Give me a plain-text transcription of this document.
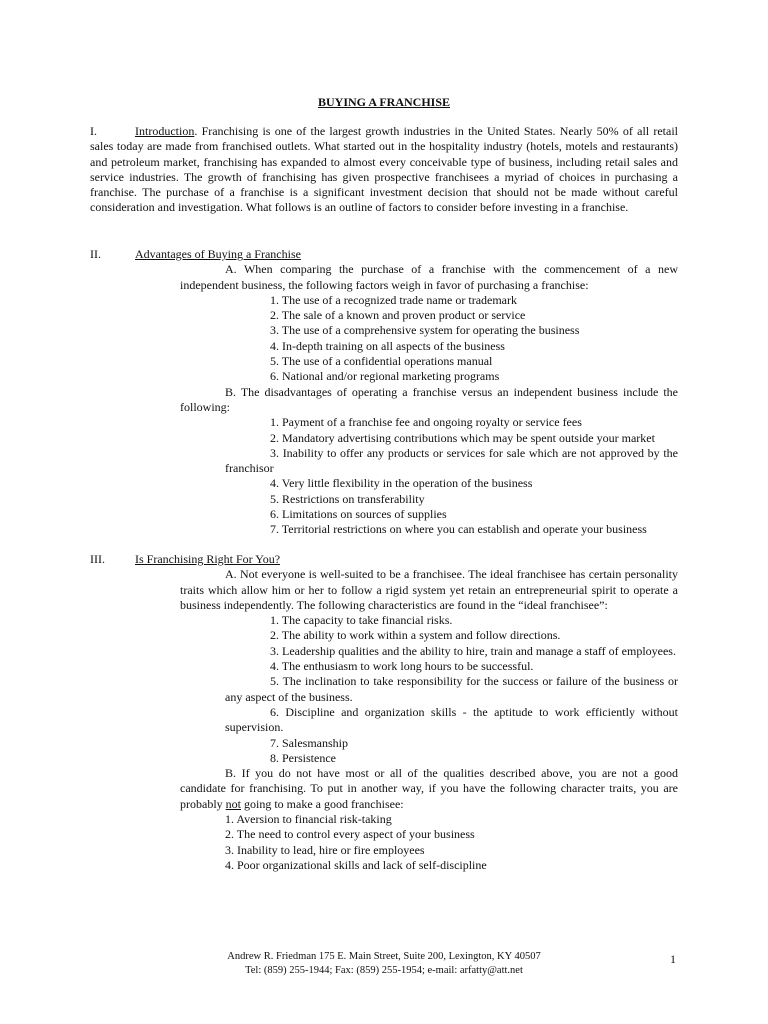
BUYING A FRANCHISE
I.	Introduction. Franchising is one of the largest growth industries in the United States. Nearly 50% of all retail sales today are made from franchised outlets. What started out in the hospitality industry (hotels, motels and restaurants) and petroleum market, franchising has expanded to almost every conceivable type of business, including retail sales and service industries. The growth of franchising has given prospective franchisees a myriad of choices in purchasing a franchise. The purchase of a franchise is a significant investment decision that should not be made without careful consideration and investigation. What follows is an outline of factors to consider before investing in a franchise.

II.	Advantages of Buying a Franchise

A. When comparing the purchase of a franchise with the commencement of a new independent business, the following factors weigh in favor of purchasing a franchise:

1. The use of a recognized trade name or trademark

2. The sale of a known and proven product or service

3. The use of a comprehensive system for operating the business

4. In-depth training on all aspects of the business

5. The use of a confidential operations manual

6. National and/or regional marketing programs

B. The disadvantages of operating a franchise versus an independent business include the following:

1. Payment of a franchise fee and ongoing royalty or service fees

2. Mandatory advertising contributions which may be spent outside your market

3. Inability to offer any products or services for sale which are not approved by the franchisor

4. Very little flexibility in the operation of the business

5. Restrictions on transferability

6. Limitations on sources of supplies

7. Territorial restrictions on where you can establish and operate your business

III.	Is Franchising Right For You?

A. Not everyone is well-suited to be a franchisee. The ideal franchisee has certain personality traits which allow him or her to follow a rigid system yet retain an entrepreneurial spirit to operate a business independently. The following characteristics are found in the “ideal franchisee”:

1. The capacity to take financial risks.

2. The ability to work within a system and follow directions.

3. Leadership qualities and the ability to hire, train and manage a staff of employees.

4. The enthusiasm to work long hours to be successful.

5. The inclination to take responsibility for the success or failure of the business or any aspect of the business.

6. Discipline and organization skills - the aptitude to work efficiently without supervision.

7. Salesmanship

8. Persistence

B. If you do not have most or all of the qualities described above, you are not a good candidate for franchising. To put in another way, if you have the following character traits, you are probably not going to make a good franchisee:

1. Aversion to financial risk-taking

2. The need to control every aspect of your business

3. Inability to lead, hire or fire employees

4. Poor organizational skills and lack of self-discipline

Andrew R. Friedman 175 E. Main Street, Suite 200, Lexington, KY 40507
Tel: (859) 255-1944; Fax: (859) 255-1954; e-mail: arfatty@att.net
1
